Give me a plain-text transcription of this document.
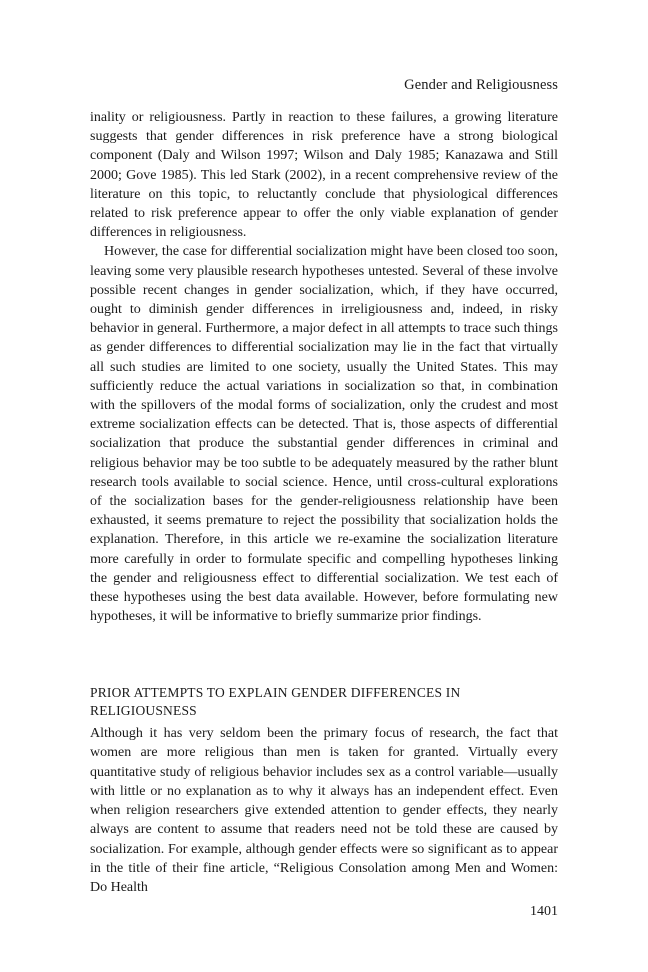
Gender and Religiousness

inality or religiousness. Partly in reaction to these failures, a growing literature suggests that gender differences in risk preference have a strong biological component (Daly and Wilson 1997; Wilson and Daly 1985; Kanazawa and Still 2000; Gove 1985). This led Stark (2002), in a recent comprehensive review of the literature on this topic, to reluctantly conclude that physiological differences related to risk preference appear to offer the only viable explanation of gender differences in religiousness.

However, the case for differential socialization might have been closed too soon, leaving some very plausible research hypotheses untested. Several of these involve possible recent changes in gender socialization, which, if they have occurred, ought to diminish gender differences in irreligiousness and, indeed, in risky behavior in general. Furthermore, a major defect in all attempts to trace such things as gender differences to differential socialization may lie in the fact that virtually all such studies are limited to one society, usually the United States. This may sufficiently reduce the actual variations in socialization so that, in combination with the spillovers of the modal forms of socialization, only the crudest and most extreme socialization effects can be detected. That is, those aspects of differential socialization that produce the substantial gender differences in criminal and religious behavior may be too subtle to be adequately measured by the rather blunt research tools available to social science. Hence, until cross-cultural explorations of the socialization bases for the gender-religiousness relationship have been exhausted, it seems premature to reject the possibility that socialization holds the explanation. Therefore, in this article we re-examine the socialization literature more carefully in order to formulate specific and compelling hypotheses linking the gender and religiousness effect to differential socialization. We test each of these hypotheses using the best data available. However, before formulating new hypotheses, it will be informative to briefly summarize prior findings.

PRIOR ATTEMPTS TO EXPLAIN GENDER DIFFERENCES IN RELIGIOUSNESS

Although it has very seldom been the primary focus of research, the fact that women are more religious than men is taken for granted. Virtually every quantitative study of religious behavior includes sex as a control variable—usually with little or no explanation as to why it always has an independent effect. Even when religion researchers give extended attention to gender effects, they nearly always are content to assume that readers need not be told these are caused by socialization. For example, although gender effects were so significant as to appear in the title of their fine article, “Religious Consolation among Men and Women: Do Health

1401
